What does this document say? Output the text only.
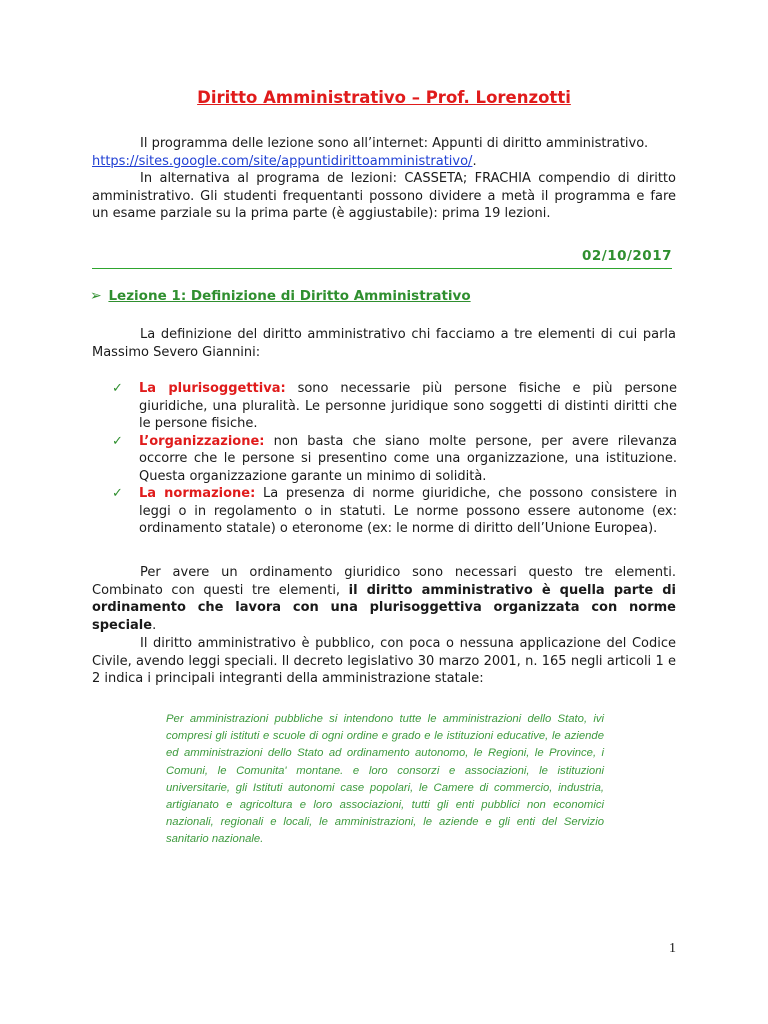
Diritto Amministrativo – Prof. Lorenzotti

Il programma delle lezione sono all’internet: Appunti di diritto amministrativo.
https://sites.google.com/site/appuntidirittoamministrativo/.
In alternativa al programa de lezioni: CASSETA; FRACHIA compendio di diritto amministrativo. Gli studenti frequentanti possono dividere a metà il programma e fare un esame parziale su la prima parte (è aggiustabile): prima 19 lezioni.

02/10/2017
➢ Lezione 1: Definizione di Diritto Amministrativo

La definizione del diritto amministrativo chi facciamo a tre elementi di cui parla Massimo Severo Giannini:

✓ La plurisoggettiva: sono necessarie più persone fisiche e più persone giuridiche, una pluralità. Le personne juridique sono soggetti di distinti diritti che le persone fisiche.
✓ L’organizzazione: non basta che siano molte persone, per avere rilevanza occorre che le persone si presentino come una organizzazione, una istituzione. Questa organizzazione garante un minimo di solidità.
✓ La normazione: La presenza di norme giuridiche, che possono consistere in leggi o in regolamento o in statuti. Le norme possono essere autonome (ex: ordinamento statale) o eteronome (ex: le norme di diritto dell’Unione Europea).

Per avere un ordinamento giuridico sono necessari questo tre elementi. Combinato con questi tre elementi, il diritto amministrativo è quella parte di ordinamento che lavora con una plurisoggettiva organizzata con norme speciale.

Il diritto amministrativo è pubblico, con poca o nessuna applicazione del Codice Civile, avendo leggi speciali. Il decreto legislativo 30 marzo 2001, n. 165 negli articoli 1 e 2 indica i principali integranti della amministrazione statale:

Per amministrazioni pubbliche si intendono tutte le amministrazioni dello Stato, ivi compresi gli istituti e scuole di ogni ordine e grado e le istituzioni educative, le aziende ed amministrazioni dello Stato ad ordinamento autonomo, le Regioni, le Province, i Comuni, le Comunita' montane. e loro consorzi e associazioni, le istituzioni universitarie, gli Istituti autonomi case popolari, le Camere di commercio, industria, artigianato e agricoltura e loro associazioni, tutti gli enti pubblici non economici nazionali, regionali e locali, le amministrazioni, le aziende e gli enti del Servizio sanitario nazionale.

1
